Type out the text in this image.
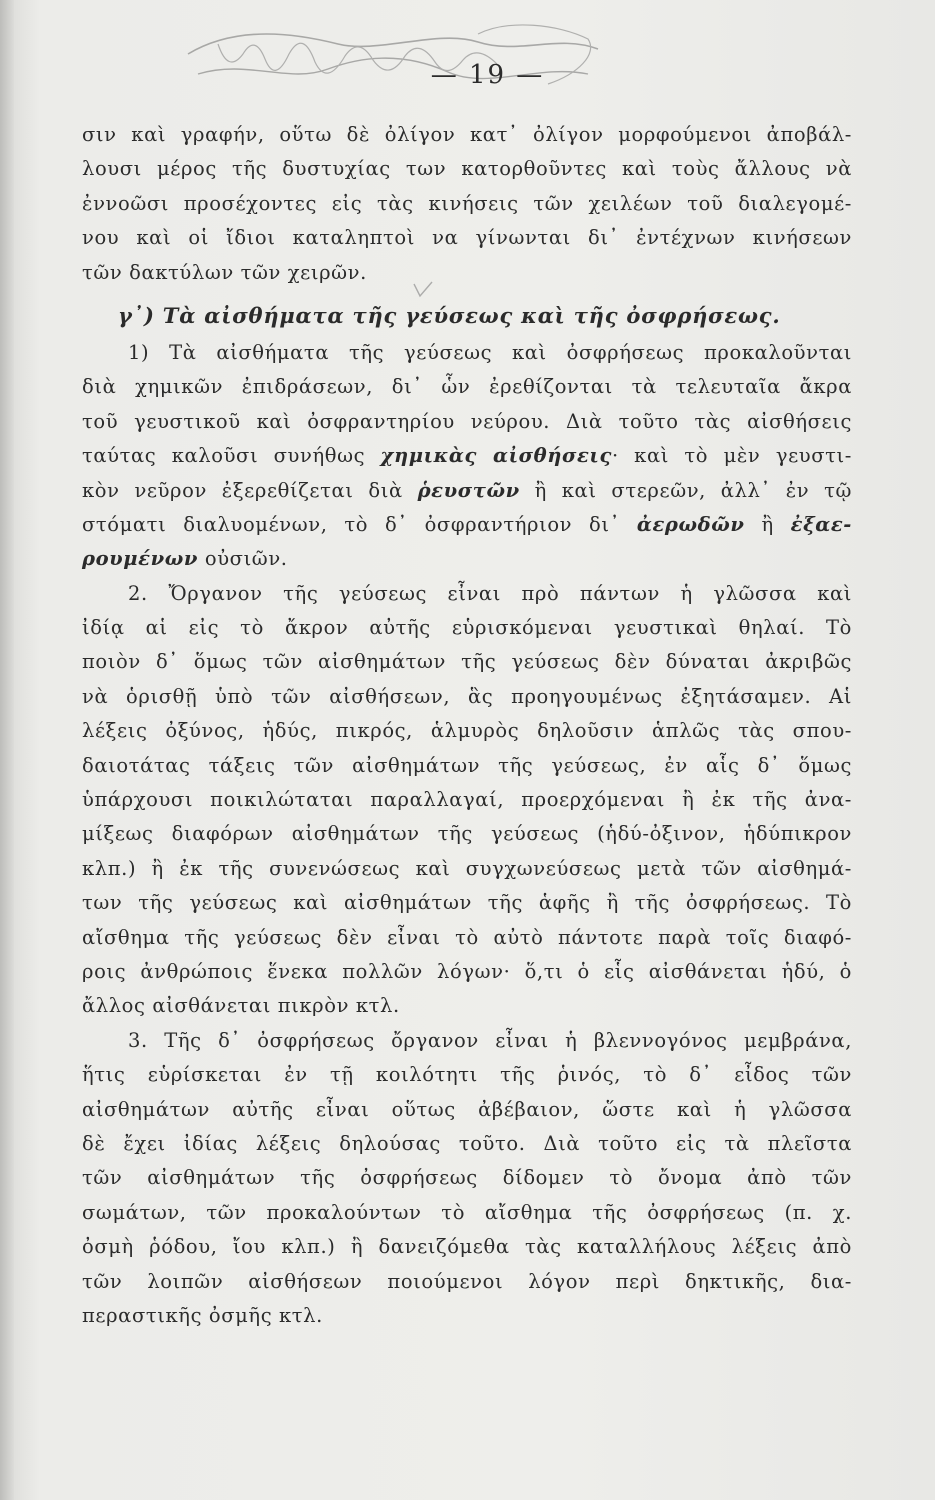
— 19 —
σιν καὶ γραφήν, οὕτω δὲ ὀλίγον κατ᾽ ὀλίγον μορφούμενοι ἀποβάλ-
λουσι μέρος τῆς δυστυχίας των κατορθοῦντες καὶ τοὺς ἄλλους νὰ
ἐννοῶσι προσέχοντες εἰς τὰς κινήσεις τῶν χειλέων τοῦ διαλεγομέ-
νου καὶ οἱ ἴδιοι καταληπτοὶ να γίνωνται δι᾽ ἐντέχνων κινήσεων
τῶν δακτύλων τῶν χειρῶν.
γ᾽) Τὰ αἰσθήματα τῆς γεύσεως καὶ τῆς ὀσφρήσεως.
1) Τὰ αἰσθήματα τῆς γεύσεως καὶ ὀσφρήσεως προκαλοῦνται
διὰ χημικῶν ἐπιδράσεων, δι᾽ ὧν ἐρεθίζονται τὰ τελευταῖα ἄκρα
τοῦ γευστικοῦ καὶ ὀσφραντηρίου νεύρου. Διὰ τοῦτο τὰς αἰσθήσεις
ταύτας καλοῦσι συνήθως χημικὰς αἰσθήσεις· καὶ τὸ μὲν γευστι-
κὸν νεῦρον ἐξερεθίζεται διὰ ῥευστῶν ἢ καὶ στερεῶν, ἀλλ᾽ ἐν τῷ
στόματι διαλυομένων, τὸ δ᾽ ὀσφραντήριον δι᾽ ἀερωδῶν ἢ ἐξαε-
ρουμένων οὐσιῶν.
2. Ὄργανον τῆς γεύσεως εἶναι πρὸ πάντων ἡ γλῶσσα καὶ
ἰδίᾳ αἱ εἰς τὸ ἄκρον αὐτῆς εὑρισκόμεναι γευστικαὶ θηλαί. Τὸ
ποιὸν δ᾽ ὅμως τῶν αἰσθημάτων τῆς γεύσεως δὲν δύναται ἀκριβῶς
νὰ ὁρισθῇ ὑπὸ τῶν αἰσθήσεων, ἃς προηγουμένως ἐξητάσαμεν. Αἱ
λέξεις ὀξύνος, ἡδύς, πικρός, ἁλμυρὸς δηλοῦσιν ἁπλῶς τὰς σπου-
δαιοτάτας τάξεις τῶν αἰσθημάτων τῆς γεύσεως, ἐν αἷς δ᾽ ὅμως
ὑπάρχουσι ποικιλώταται παραλλαγαί, προερχόμεναι ἢ ἐκ τῆς ἀνα-
μίξεως διαφόρων αἰσθημάτων τῆς γεύσεως (ἡδύ-ὀξινον, ἡδύπικρον
κλπ.) ἢ ἐκ τῆς συνενώσεως καὶ συγχωνεύσεως μετὰ τῶν αἰσθημά-
των τῆς γεύσεως καὶ αἰσθημάτων τῆς ἁφῆς ἢ τῆς ὀσφρήσεως. Τὸ
αἴσθημα τῆς γεύσεως δὲν εἶναι τὸ αὐτὸ πάντοτε παρὰ τοῖς διαφό-
ροις ἀνθρώποις ἕνεκα πολλῶν λόγων· ὅ,τι ὁ εἷς αἰσθάνεται ἡδύ, ὁ
ἄλλος αἰσθάνεται πικρὸν κτλ.
3. Τῆς δ᾽ ὀσφρήσεως ὄργανον εἶναι ἡ βλεννογόνος μεμβράνα,
ἥτις εὑρίσκεται ἐν τῇ κοιλότητι τῆς ῥινός, τὸ δ᾽ εἶδος τῶν
αἰσθημάτων αὐτῆς εἶναι οὕτως ἀβέβαιον, ὥστε καὶ ἡ γλῶσσα
δὲ ἔχει ἰδίας λέξεις δηλούσας τοῦτο. Διὰ τοῦτο εἰς τὰ πλεῖστα
τῶν αἰσθημάτων τῆς ὀσφρήσεως δίδομεν τὸ ὄνομα ἀπὸ τῶν
σωμάτων, τῶν προκαλούντων τὸ αἴσθημα τῆς ὀσφρήσεως (π. χ.
ὀσμὴ ῥόδου, ἴου κλπ.) ἢ δανειζόμεθα τὰς καταλλήλους λέξεις ἀπὸ
τῶν λοιπῶν αἰσθήσεων ποιούμενοι λόγον περὶ δηκτικῆς, δια-
περαστικῆς ὀσμῆς κτλ.
